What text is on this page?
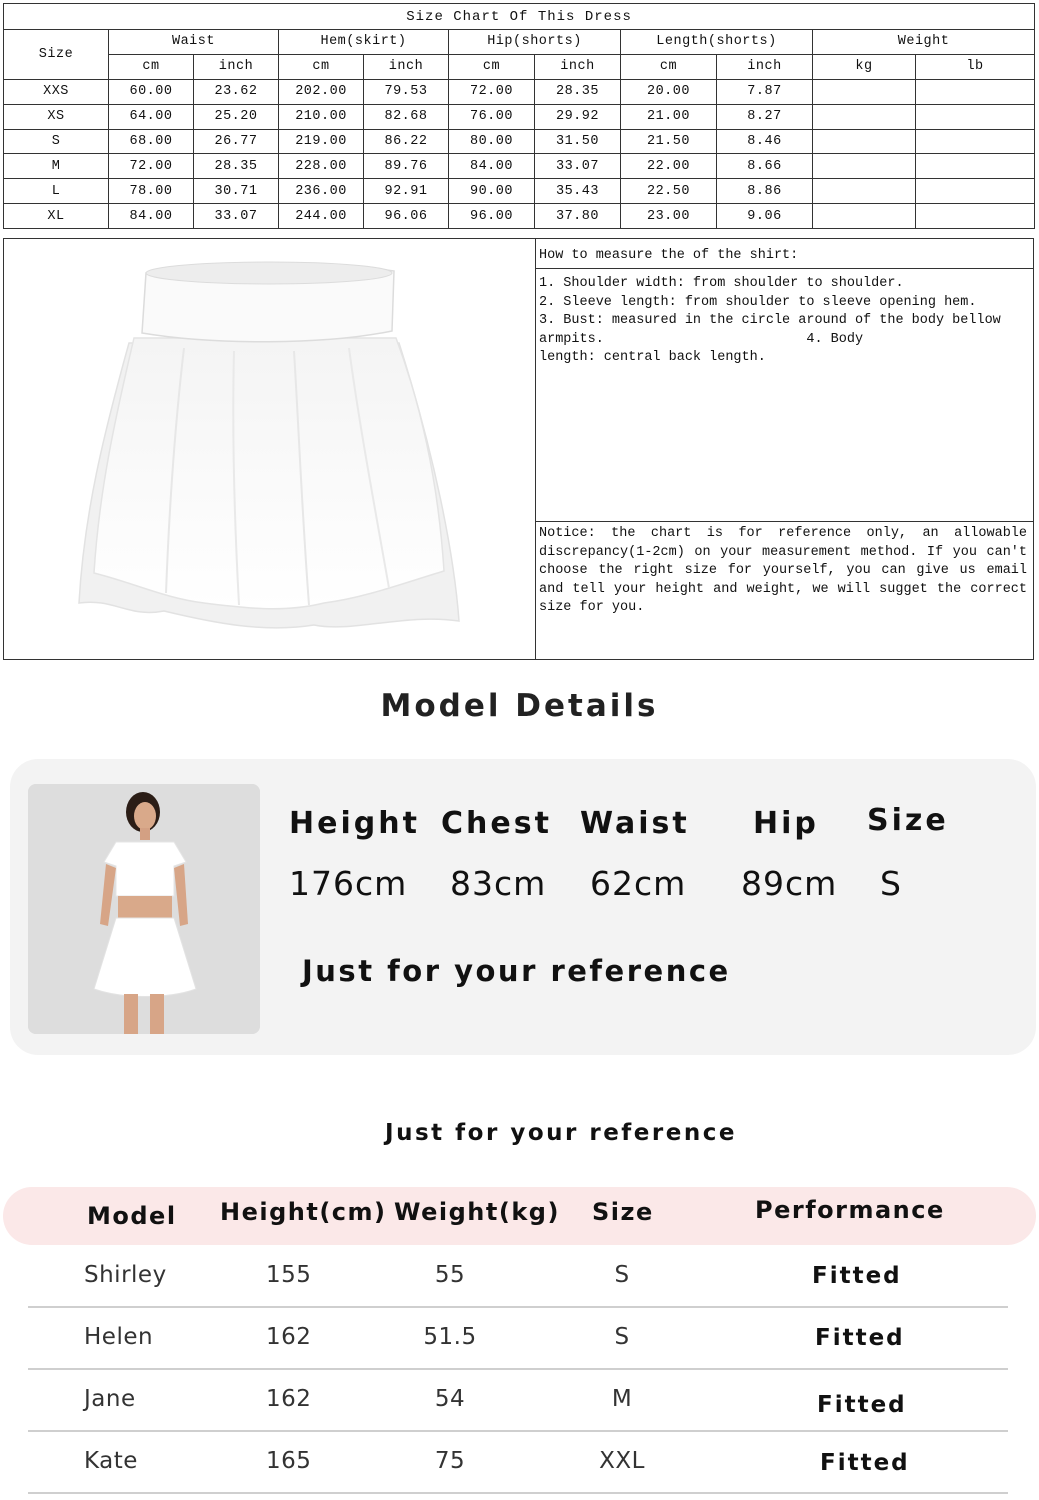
Size Chart Of This Dress										
Size	Waist		Hem(skirt)		Hip(shorts)		Length(shorts)		Weight	
	cm	inch	cm	inch	cm	inch	cm	inch	kg	lb
XXS	60.00	23.62	202.00	79.53	72.00	28.35	20.00	7.87		
XS	64.00	25.20	210.00	82.68	76.00	29.92	21.00	8.27		
S	68.00	26.77	219.00	86.22	80.00	31.50	21.50	8.46		
M	72.00	28.35	228.00	89.76	84.00	33.07	22.00	8.66		
L	78.00	30.71	236.00	92.91	90.00	35.43	22.50	8.86		
XL	84.00	33.07	244.00	96.06	96.00	37.80	23.00	9.06		
How to measure the of the shirt:
1. Shoulder width: from shoulder to shoulder.
2. Sleeve length: from shoulder to sleeve opening hem.
3. Bust: measured in the circle around of the body bellow
armpits.                         4. Body
length: central back length.
Notice: the chart is for reference only, an allowable discrepancy(1-2cm) on your measurement method. If you can't choose the right size for yourself, you can give us email and tell your height and weight, we will sugget the correct size for you.
Model Details
Height Chest Waist Hip Size
176cm 83cm 62cm 89cm S
Just for your reference
Just for your reference
Model Height(cm) Weight(kg) Size	Performance
Shirley	155	55	S	Fitted
Helen	162	51.5	S	Fitted
Jane	162	54	M	Fitted
Kate	165	75	XXL	Fitted
